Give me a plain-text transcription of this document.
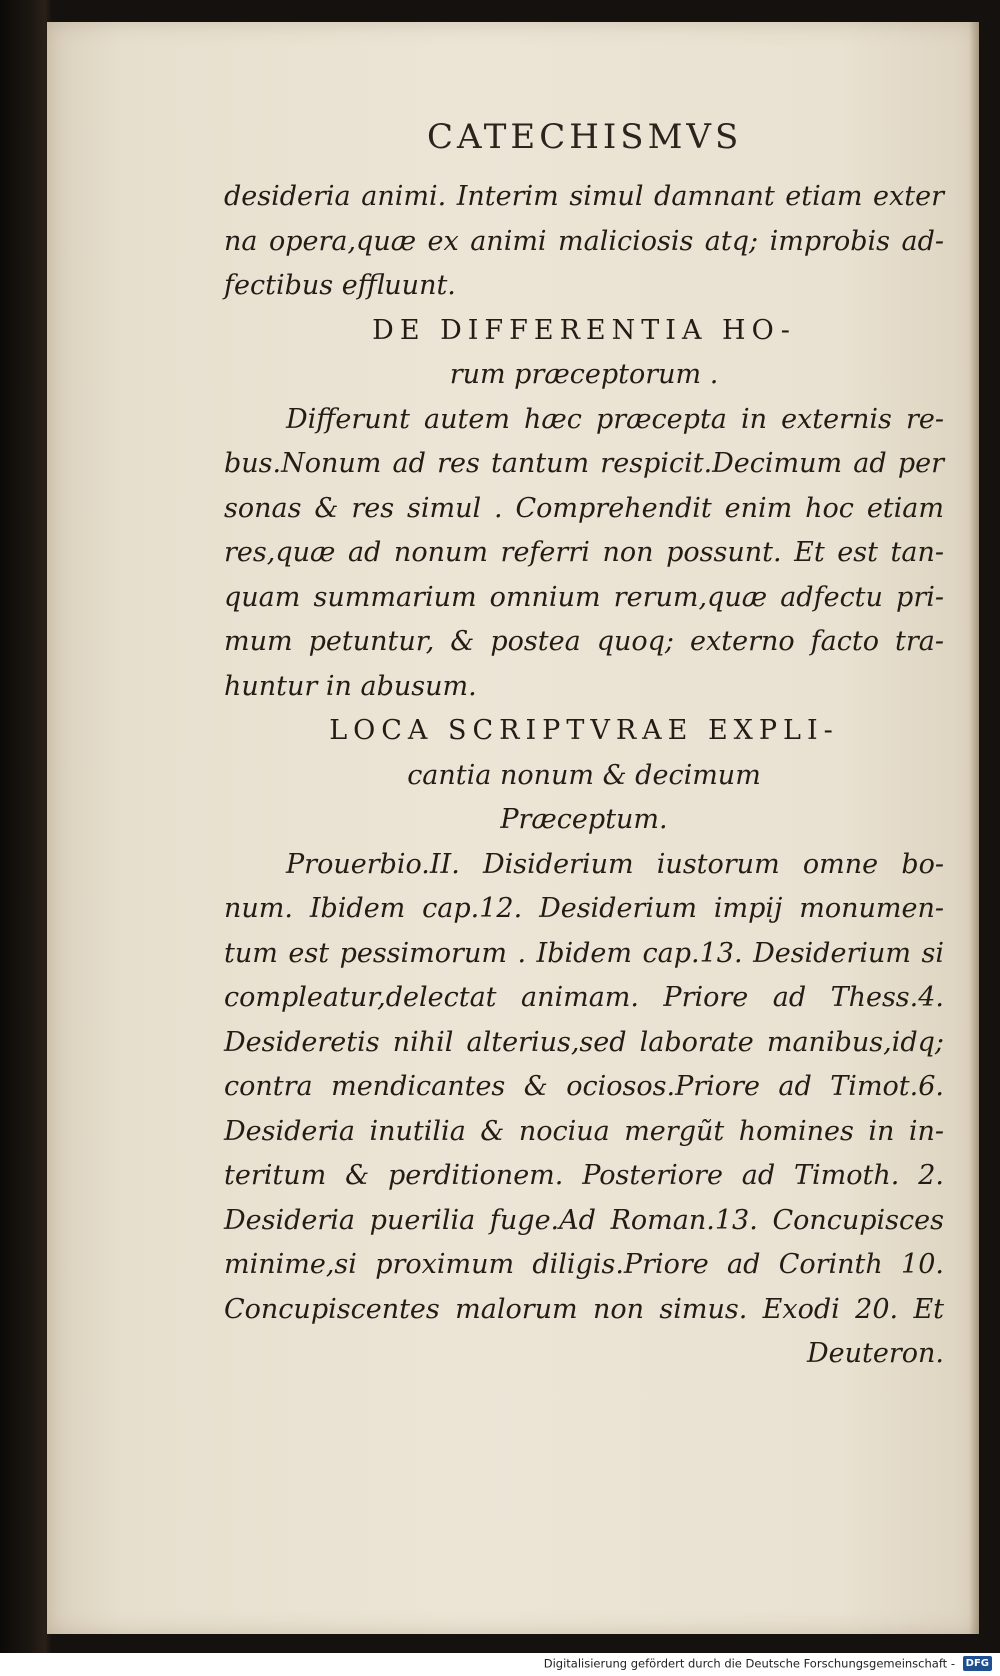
CATECHISMVS
desideria animi. Interim simul damnant etiam exter
na opera,quæ ex animi maliciosis atq; improbis ad-
fectibus effluunt.
DE DIFFERENTIA HO-
rum præceptorum .
Differunt autem hæc præcepta in externis re-
bus.Nonum ad res tantum respicit.Decimum ad per
sonas & res simul . Comprehendit enim hoc etiam
res,quæ ad nonum referri non possunt. Et est tan-
quam summarium omnium rerum,quæ adfectu pri-
mum petuntur, & postea quoq; externo facto tra-
huntur in abusum.
LOCA SCRIPTVRAE EXPLI-
cantia nonum & decimum
Præceptum.
Prouerbio.II. Disiderium iustorum omne bo-
num. Ibidem cap.12. Desiderium impij monumen-
tum est pessimorum . Ibidem cap.13. Desiderium si
compleatur,delectat animam. Priore ad Thess.4.
Desideretis nihil alterius,sed laborate manibus,idq;
contra mendicantes & ociosos.Priore ad Timot.6.
Desideria inutilia & nociua mergũt homines in in-
teritum & perditionem. Posteriore ad Timoth. 2.
Desideria puerilia fuge.Ad Roman.13. Concupisces
minime,si proximum diligis.Priore ad Corinth 10.
Concupiscentes malorum non simus. Exodi 20. Et
Deuteron.
Digitalisierung gefördert durch die Deutsche Forschungsgemeinschaft - DFG
